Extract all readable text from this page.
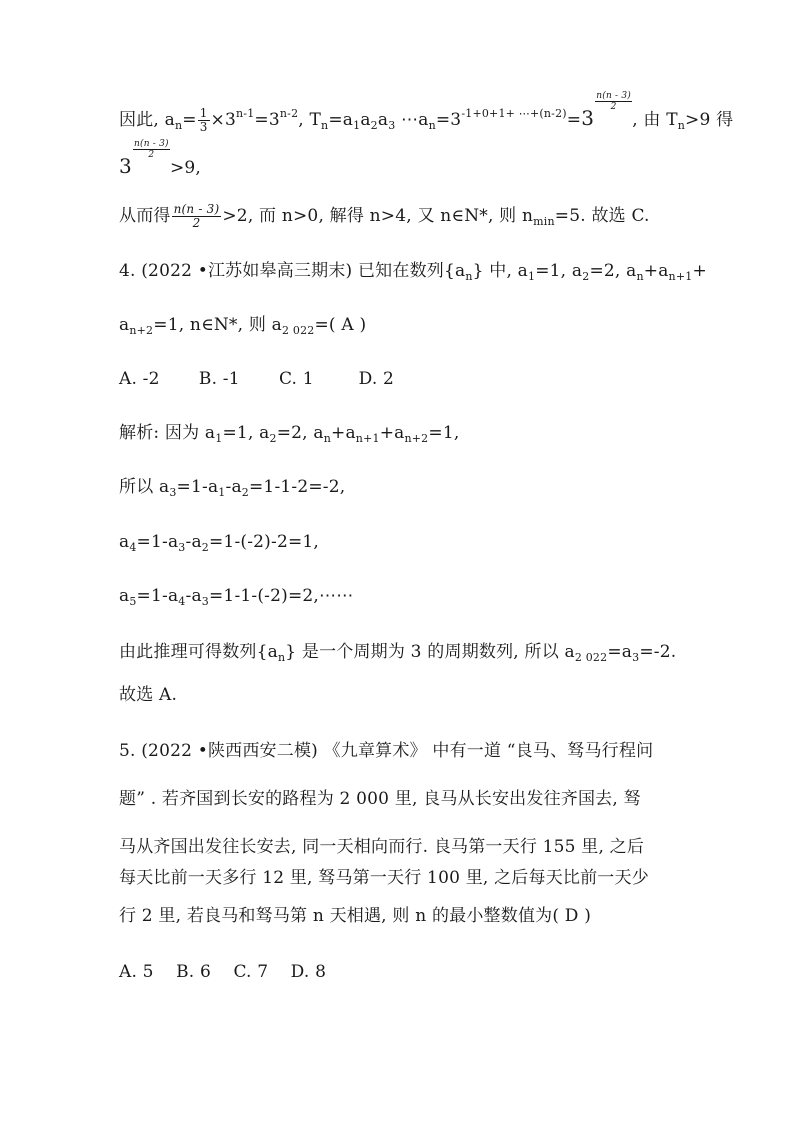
因此, $a_n= \frac{1}{3} \times 3^{n-1}=3^{n-2}$, $T_n=a_1a_2a_3$ $\cdots a_n=3^{-1+0+1+ \cdots+(n-2)}=3$
$\frac{n(n - 3)}{2}$
, 由 $T_n>9$ 得
3
$\frac{n(n - 3)}{2}$
>9,
从而得 $\frac{n(n - 3)}{2} >2$, 而 n>0, 解得 n>4, 又 n∈N*, 则 $n_{min}=5$. 故选 C.
4. (2022 •江苏如皋高三期末) 已知在数列$\{a_n\}$ 中, $a_1=1$, $a_2=2$, $a_n+a_{n+1}+$
$a_{n+2}=1$, n∈N*, 则 $a_{2 022}=$( A )
A. -2       B. -1       C. 1        D. 2
解析: 因为 $a_1=1$, $a_2=2$, $a_n+a_{n+1}+a_{n+2}=1$,
所以 $a_3=1-a_1-a_2=1-1-2=-2$,
$a_4=1-a_3-a_2=1-(-2)-2=1$,
$a_5=1-a_4-a_3=1-1-(-2)=2,\cdots\cdots$
由此推理可得数列$\{a_n\}$ 是一个周期为 3 的周期数列, 所以 $a_{2 022}=a_3=-2$.
故选 A.
5. (2022 •陕西西安二模) 《九章算术》 中有一道 “良马、驽马行程问
题” . 若齐国到长安的路程为 2 000 里, 良马从长安出发往齐国去, 驽
马从齐国出发往长安去, 同一天相向而行. 良马第一天行 155 里, 之后
每天比前一天多行 12 里, 驽马第一天行 100 里, 之后每天比前一天少
行 2 里, 若良马和驽马第 n 天相遇, 则 n 的最小整数值为( D )
A. 5    B. 6    C. 7    D. 8
